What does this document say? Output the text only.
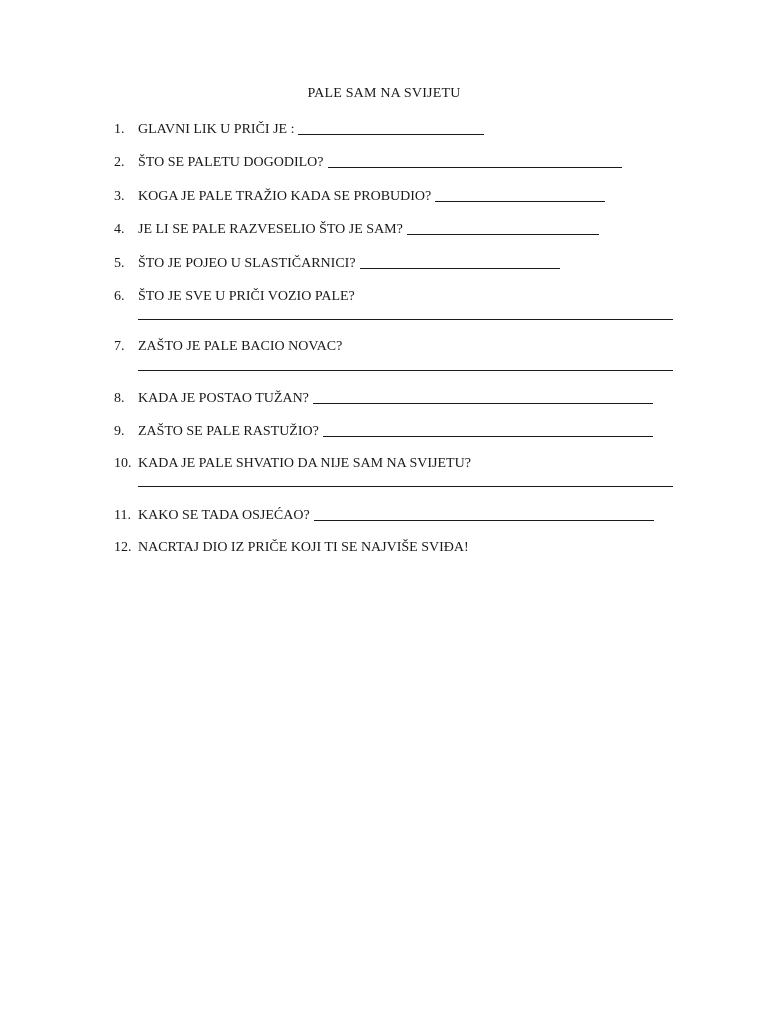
PALE SAM NA SVIJETU
1. GLAVNI LIK U PRIČI JE :
2. ŠTO SE PALETU DOGODILO?
3. KOGA JE PALE TRAŽIO KADA SE PROBUDIO?
4. JE LI SE PALE RAZVESELIO ŠTO JE SAM?
5. ŠTO JE POJEO U SLASTIČARNICI?
6. ŠTO JE SVE U PRIČI VOZIO PALE?
7. ZAŠTO JE PALE BACIO NOVAC?
8. KADA JE POSTAO TUŽAN?
9. ZAŠTO SE PALE RASTUŽIO?
10. KADA JE PALE SHVATIO DA NIJE SAM NA SVIJETU?
11. KAKO SE TADA OSJEĆAO?
12. NACRTAJ DIO IZ PRIČE KOJI TI SE NAJVIŠE SVIĐA!
